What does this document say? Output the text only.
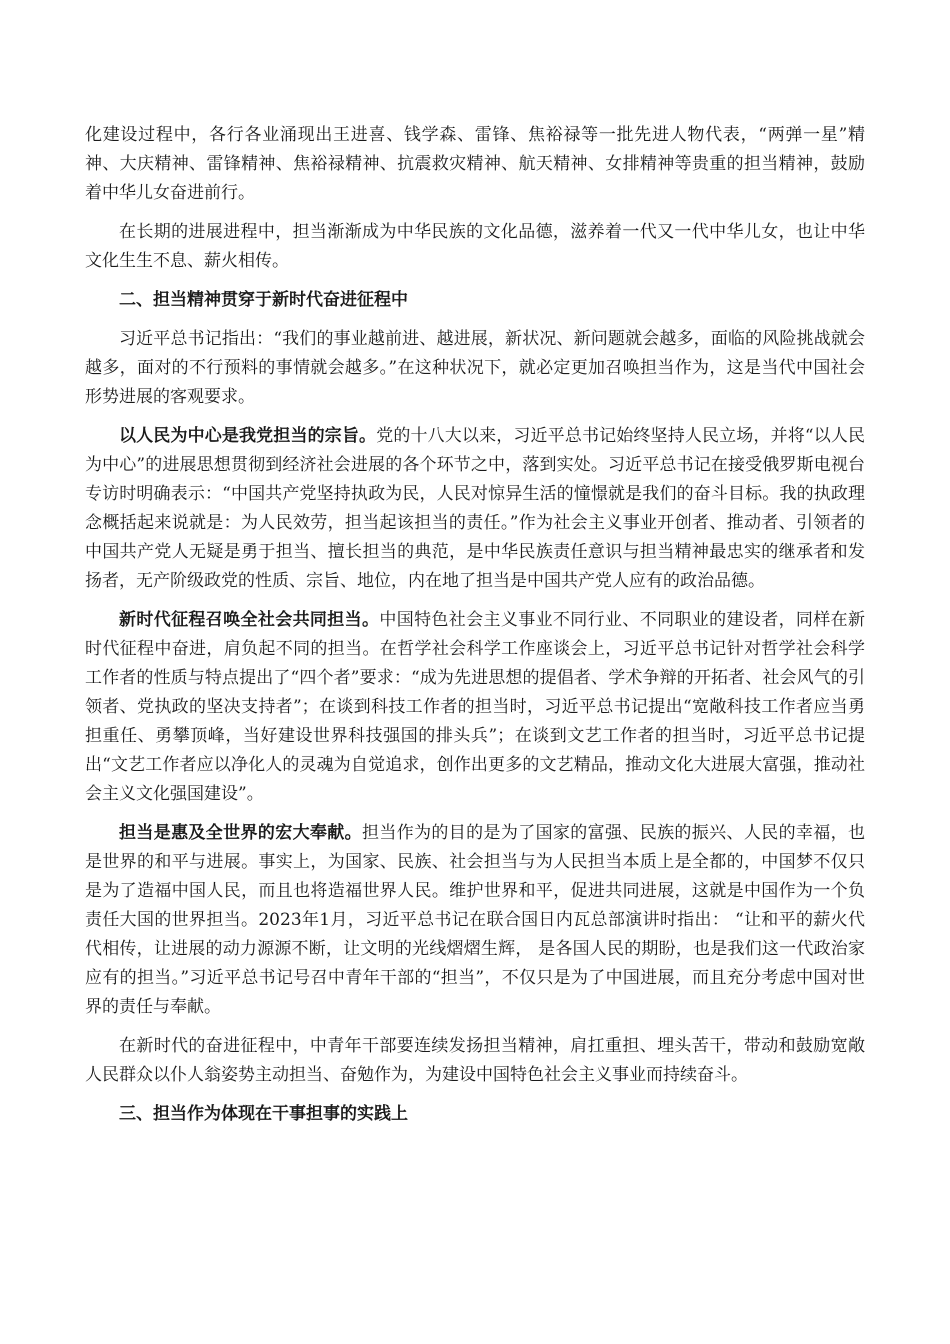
化建设过程中，各行各业涌现出王进喜、钱学森、雷锋、焦裕禄等一批先进人物代表，“两弹一星”精神、大庆精神、雷锋精神、焦裕禄精神、抗震救灾精神、航天精神、女排精神等贵重的担当精神，鼓励着中华儿女奋进前行。

在长期的进展进程中，担当渐渐成为中华民族的文化品德，滋养着一代又一代中华儿女，也让中华文化生生不息、薪火相传。

二、担当精神贯穿于新时代奋进征程中

习近平总书记指出：“我们的事业越前进、越进展，新状况、新问题就会越多，面临的风险挑战就会越多，面对的不行预料的事情就会越多。”在这种状况下，就必定更加召唤担当作为，这是当代中国社会形势进展的客观要求。

以人民为中心是我党担当的宗旨。党的十八大以来，习近平总书记始终坚持人民立场，并将“以人民为中心”的进展思想贯彻到经济社会进展的各个环节之中，落到实处。习近平总书记在接受俄罗斯电视台专访时明确表示：“中国共产党坚持执政为民，人民对惊异生活的憧憬就是我们的奋斗目标。我的执政理念概括起来说就是：为人民效劳，担当起该担当的责任。”作为社会主义事业开创者、推动者、引领者的中国共产党人无疑是勇于担当、擅长担当的典范，是中华民族责任意识与担当精神最忠实的继承者和发扬者，无产阶级政党的性质、宗旨、地位，内在地了担当是中国共产党人应有的政治品德。

新时代征程召唤全社会共同担当。中国特色社会主义事业不同行业、不同职业的建设者，同样在新时代征程中奋进，肩负起不同的担当。在哲学社会科学工作座谈会上，习近平总书记针对哲学社会科学工作者的性质与特点提出了“四个者”要求：“成为先进思想的提倡者、学术争辩的开拓者、社会风气的引领者、党执政的坚决支持者”；在谈到科技工作者的担当时，习近平总书记提出“宽敞科技工作者应当勇担重任、勇攀顶峰，当好建设世界科技强国的排头兵”；在谈到文艺工作者的担当时，习近平总书记提出“文艺工作者应以净化人的灵魂为自觉追求，创作出更多的文艺精品，推动文化大进展大富强，推动社会主义文化强国建设”。

担当是惠及全世界的宏大奉献。担当作为的目的是为了国家的富强、民族的振兴、人民的幸福，也是世界的和平与进展。事实上，为国家、民族、社会担当与为人民担当本质上是全都的，中国梦不仅只是为了造福中国人民，而且也将造福世界人民。维护世界和平，促进共同进展，这就是中国作为一个负责任大国的世界担当。2023年1月，习近平总书记在联合国日内瓦总部演讲时指出： “让和平的薪火代代相传，让进展的动力源源不断，让文明的光线熠熠生辉， 是各国人民的期盼，也是我们这一代政治家应有的担当。”习近平总书记号召中青年干部的“担当”，不仅只是为了中国进展，而且充分考虑中国对世界的责任与奉献。

在新时代的奋进征程中，中青年干部要连续发扬担当精神，肩扛重担、埋头苦干，带动和鼓励宽敞人民群众以仆人翁姿势主动担当、奋勉作为，为建设中国特色社会主义事业而持续奋斗。

三、担当作为体现在干事担事的实践上
